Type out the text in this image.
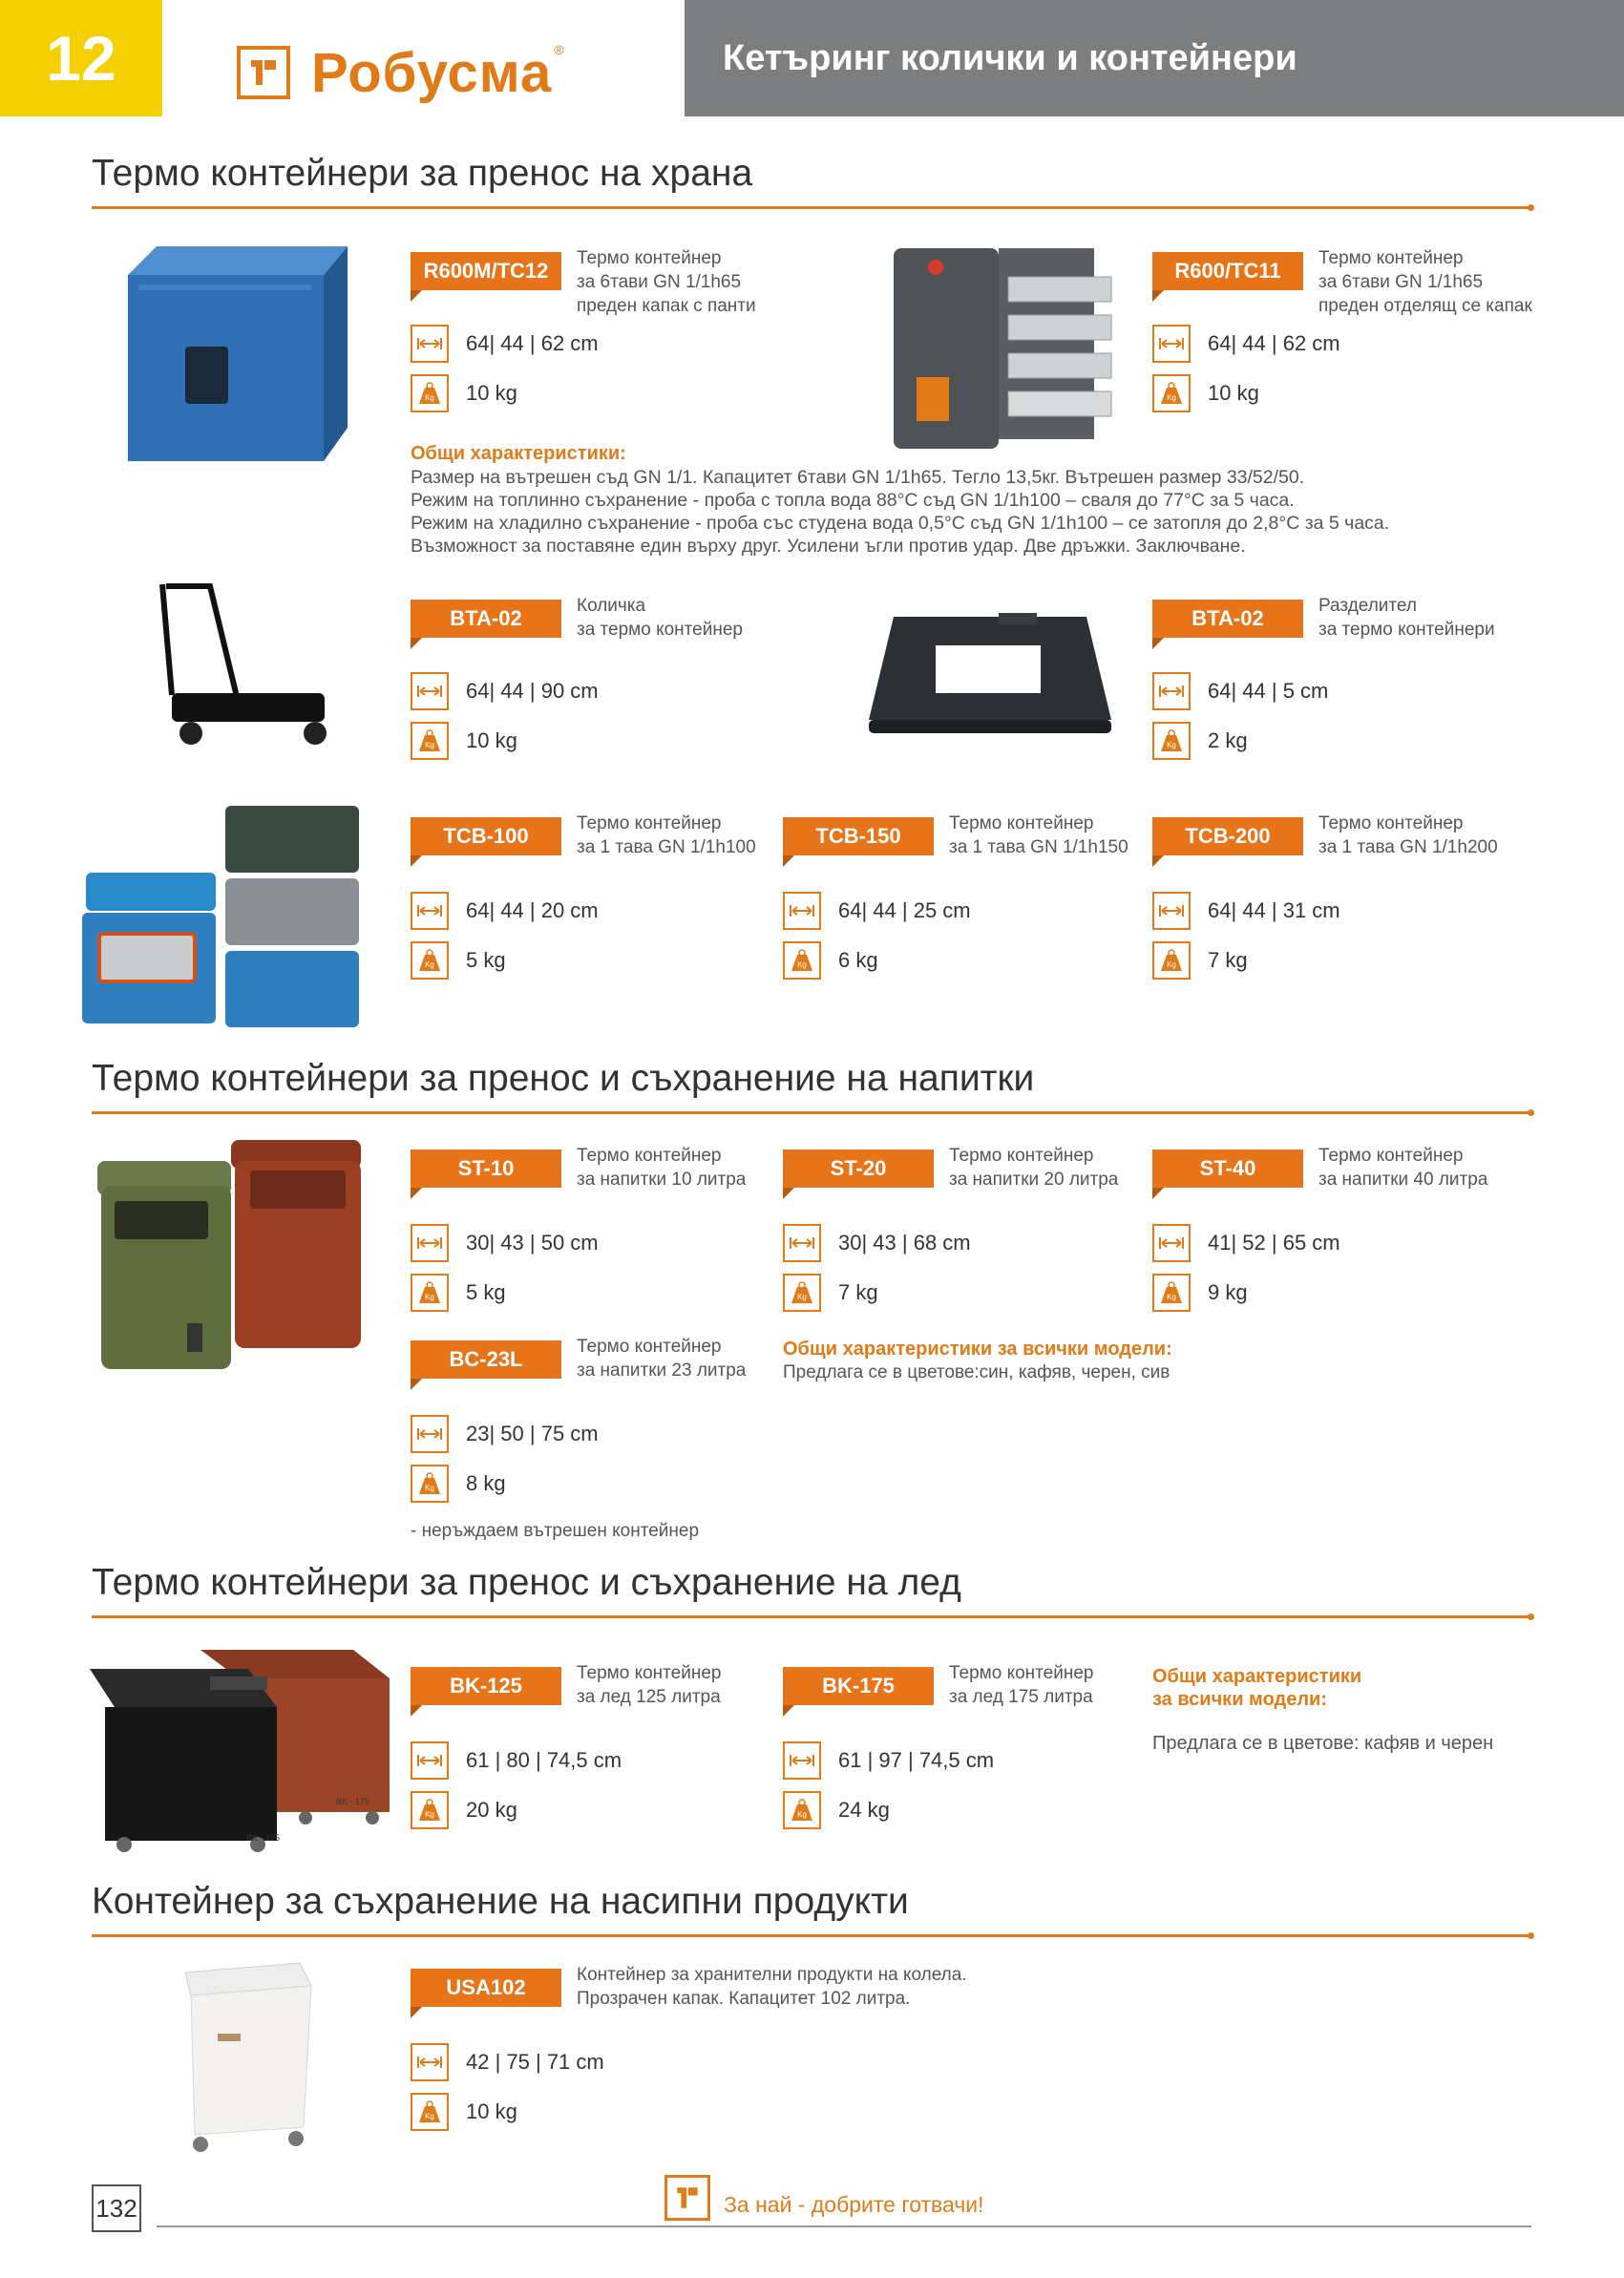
12	Робусма ®	Кетъринг колички и контейнери
Термо контейнери за пренос на храна
R600M/TC12
Термо контейнер
за 6тави GN 1/1h65
преден капак с панти
64| 44 | 62 cm
Kg 10 kg
R600/TC11
Термо контейнер
за 6тави GN 1/1h65
преден отделящ се капак
64| 44 | 62 cm
Kg 10 kg
Общи характеристики:
Размер на вътрешен съд GN 1/1. Капацитет 6тави GN 1/1h65. Тегло 13,5кг. Вътрешен размер 33/52/50.
Режим на топлинно съхранение - проба с топла вода 88°C съд GN 1/1h100 – сваля до 77°C за 5 часа.
Режим на хладилно съхранение - проба със студена вода 0,5°C съд GN 1/1h100 – се затопля до 2,8°C за 5 часа.
Възможност за поставяне един върху друг. Усилени ъгли против удар. Две дръжки. Заключване.
BTA-02
Количка
за термо контейнер
64| 44 | 90 cm
Kg 10 kg
BTA-02
Разделител
за термо контейнери
64| 44 | 5 cm
Kg 2 kg
TCB-100
Термо контейнер
за 1 тава GN 1/1h100
64| 44 | 20 cm
Kg 5 kg
TCB-150
Термо контейнер
за 1 тава GN 1/1h150
64| 44 | 25 cm
Kg 6 kg
TCB-200
Термо контейнер
за 1 тава GN 1/1h200
64| 44 | 31 cm
Kg 7 kg
Термо контейнери за пренос и съхранение на напитки
ST-10
Термо контейнер
за напитки 10 литра
30| 43 | 50 cm
Kg 5 kg
ST-20
Термо контейнер
за напитки 20 литра
30| 43 | 68 cm
Kg 7 kg
ST-40
Термо контейнер
за напитки 40 литра
41| 52 | 65 cm
Kg 9 kg
BC-23L
Термо контейнер
за напитки 23 литра
23| 50 | 75 cm
Kg 8 kg
Общи характеристики за всички модели:
Предлага се в цветове:син, кафяв, черен, сив
- неръждаем вътрешен контейнер
Термо контейнери за пренос и съхранение на лед
BK - 175
BK - 125
BK-125
Термо контейнер
за лед 125 литра
61 | 80 | 74,5 cm
Kg 20 kg
BK-175
Термо контейнер
за лед 175 литра
61 | 97 | 74,5 cm
Kg 24 kg
Общи характеристики
за всички модели:
Предлага се в цветове: кафяв и черен
Контейнер за съхранение на насипни продукти
USA102
Контейнер за хранителни продукти на колела.
Прозрачен капак. Капацитет 102 литра.
42 | 75 | 71 cm
Kg 10 kg
132	За най - добрите готвачи!
